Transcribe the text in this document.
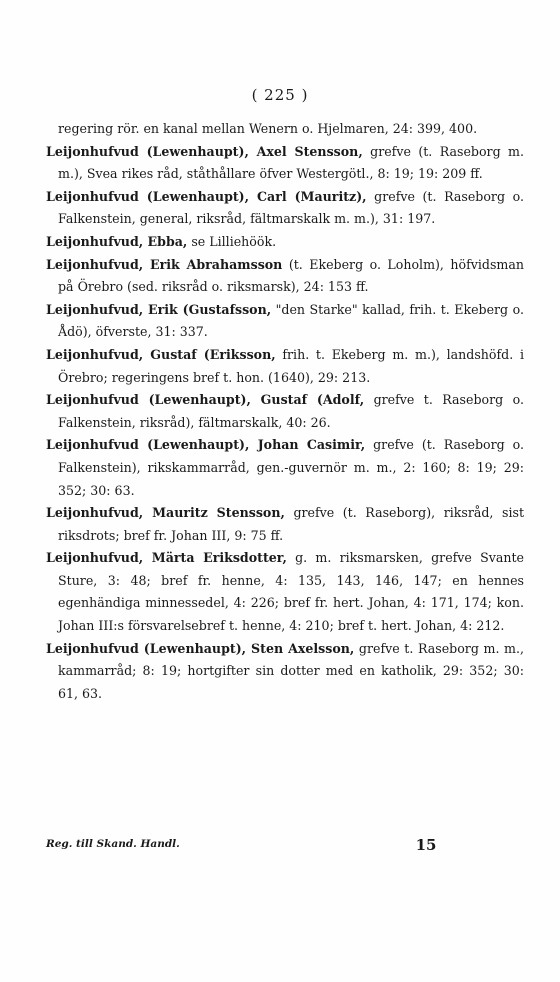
( 225 )

regering rör. en kanal mellan Wenern o. Hjelmaren, 24: 399, 400.

Leijonhufvud (Lewenhaupt), Axel Stensson, grefve (t. Raseborg m. m.), Svea rikes råd, ståthållare öfver Westergötl., 8: 19; 19: 209 ff.

Leijonhufvud (Lewenhaupt), Carl (Mauritz), grefve (t. Raseborg o. Falkenstein, general, riksråd, fältmarskalk m. m.), 31: 197.

Leijonhufvud, Ebba, se Lilliehöök.

Leijonhufvud, Erik Abrahamsson (t. Ekeberg o. Loholm), höfvidsman på Örebro (sed. riksråd o. riksmarsk), 24: 153 ff.

Leijonhufvud, Erik (Gustafsson, "den Starke" kallad, frih. t. Ekeberg o. Ådö), öfverste, 31: 337.

Leijonhufvud, Gustaf (Eriksson, frih. t. Ekeberg m. m.), landshöfd. i Örebro; regeringens bref t. hon. (1640), 29: 213.

Leijonhufvud (Lewenhaupt), Gustaf (Adolf, grefve t. Raseborg o. Falkenstein, riksråd), fältmarskalk, 40: 26.

Leijonhufvud (Lewenhaupt), Johan Casimir, grefve (t. Raseborg o. Falkenstein), rikskammarråd, gen.-guvernör m. m., 2: 160; 8: 19; 29: 352; 30: 63.

Leijonhufvud, Mauritz Stensson, grefve (t. Raseborg), riksråd, sist riksdrots; bref fr. Johan III, 9: 75 ff.

Leijonhufvud, Märta Eriksdotter, g. m. riksmarsken, grefve Svante Sture, 3: 48; bref fr. henne, 4: 135, 143, 146, 147; en hennes egenhändiga minnessedel, 4: 226; bref fr. hert. Johan, 4: 171, 174; kon. Johan III:s försvarelsebref t. henne, 4: 210; bref t. hert. Johan, 4: 212.

Leijonhufvud (Lewenhaupt), Sten Axelsson, grefve t. Raseborg m. m., kammarråd; 8: 19; hortgifter sin dotter med en katholik, 29: 352; 30: 61, 63.

Reg. till Skand. Handl.	15
